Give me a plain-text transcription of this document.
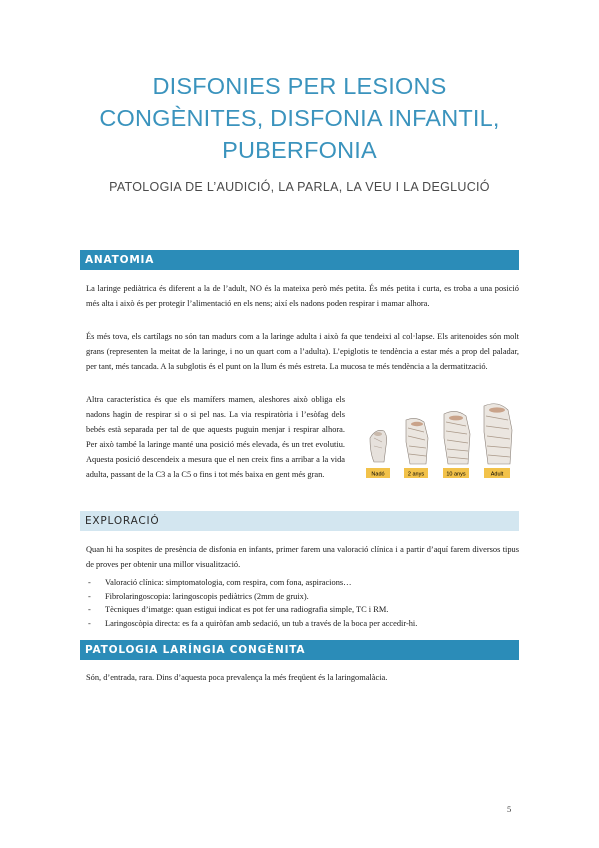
DISFONIES PER LESIONS CONGÈNITES, DISFONIA INFANTIL, PUBERFONIA
PATOLOGIA DE L’AUDICIÓ, LA PARLA, LA VEU I LA DEGLUCIÓ
ANATOMIA

La laringe pediàtrica és diferent a la de l’adult, NO és la mateixa però més petita. És més petita i curta, es troba a una posició més alta i això és per protegir l’alimentació en els nens; així els nadons poden respirar i mamar alhora.

És més tova, els cartílags no són tan madurs com a la laringe adulta i això fa que tendeixi al col·lapse. Els aritenoides són molt grans (representen la meitat de la laringe, i no un quart com a l’adulta). L’epiglotis te tendència a estar més a prop del paladar, per tant, més tancada. A la subglotis és el punt on la llum és més estreta. La mucosa te més tendència a la dermatització.

Altra característica és que els mamífers mamen, aleshores això obliga els nadons hagin de respirar si o si pel nas. La via respiratòria i l’esòfag dels bebés està separada per tal de que aquests puguin menjar i respirar alhora. Per això també la laringe manté una posició més elevada, és un tret evolutiu. Aquesta posició descendeix a mesura que el nen creix fins a arribar a la vida adulta, passant de la C3 a la C5 o fins i tot més baixa en gent més gran.	Nadó	2 anys	10 anys	Adult
EXPLORACIÓ

Quan hi ha sospites de presència de disfonia en infants, primer farem una valoració clínica i a partir d’aquí farem diversos tipus de proves per obtenir una millor visualització.

- Valoració clínica: simptomatologia, com respira, com fona, aspiracions…
- Fibrolaringoscopia: laringoscopis pediàtrics (2mm de gruix).
- Tècniques d’imatge: quan estigui indicat es pot fer una radiografia simple, TC i RM.
- Laringoscòpia directa: es fa a quiròfan amb sedació, un tub a través de la boca per accedir-hi.
PATOLOGIA LARÍNGIA CONGÈNITA

Són, d’entrada, rara. Dins d’aquesta poca prevalença la més freqüent és la laringomalàcia.

5
